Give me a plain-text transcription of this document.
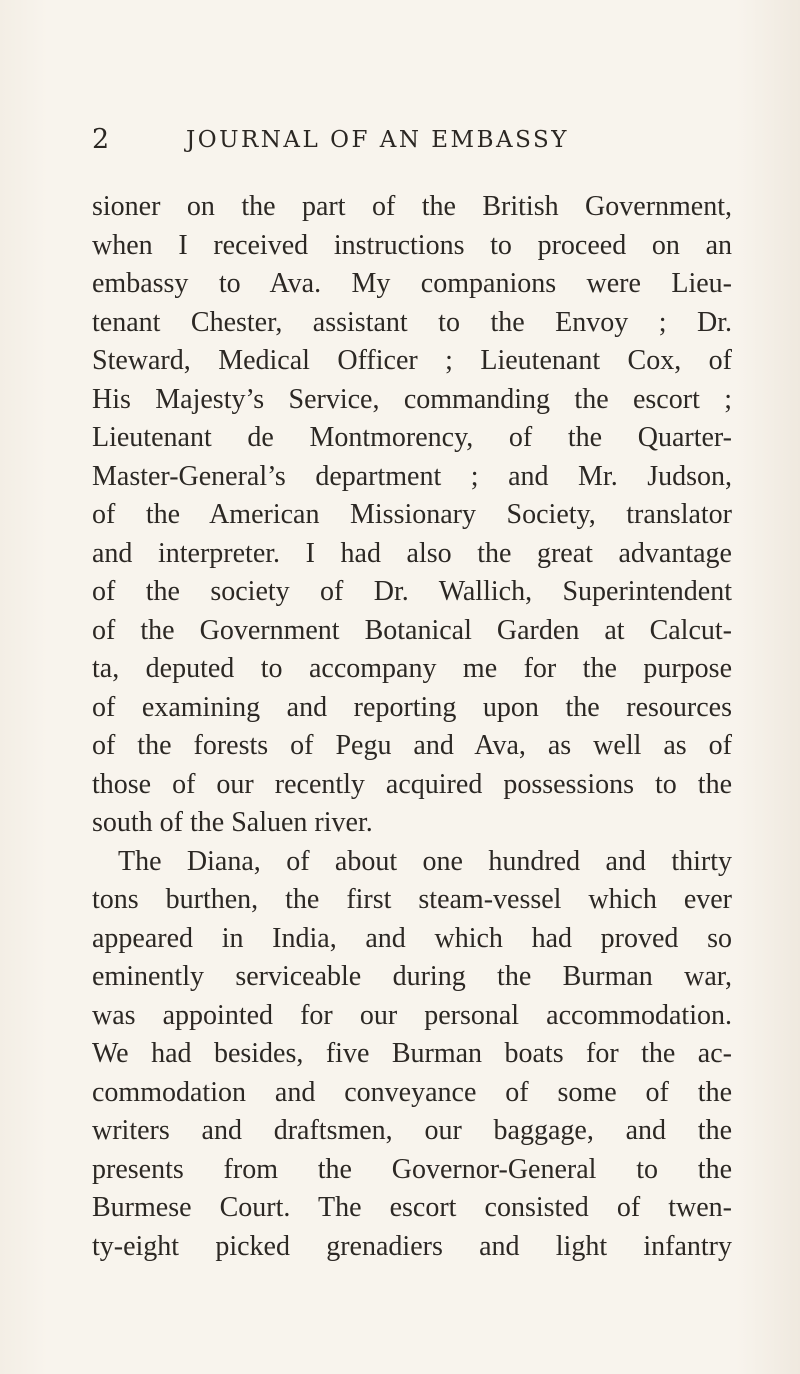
2	JOURNAL OF AN EMBASSY
sioner on the part of the British Government,
when I received instructions to proceed on an
embassy to Ava. My companions were Lieu-
tenant Chester, assistant to the Envoy ; Dr.
Steward, Medical Officer ; Lieutenant Cox, of
His Majesty’s Service, commanding the escort ;
Lieutenant de Montmorency, of the Quarter-
Master-General’s department ; and Mr. Judson,
of the American Missionary Society, translator
and interpreter. I had also the great advantage
of the society of Dr. Wallich, Superintendent
of the Government Botanical Garden at Calcut-
ta, deputed to accompany me for the purpose
of examining and reporting upon the resources
of the forests of Pegu and Ava, as well as of
those of our recently acquired possessions to the
south of the Saluen river.
The Diana, of about one hundred and thirty
tons burthen, the first steam-vessel which ever
appeared in India, and which had proved so
eminently serviceable during the Burman war,
was appointed for our personal accommodation.
We had besides, five Burman boats for the ac-
commodation and conveyance of some of the
writers and draftsmen, our baggage, and the
presents from the Governor-General to the
Burmese Court. The escort consisted of twen-
ty-eight picked grenadiers and light infantry
